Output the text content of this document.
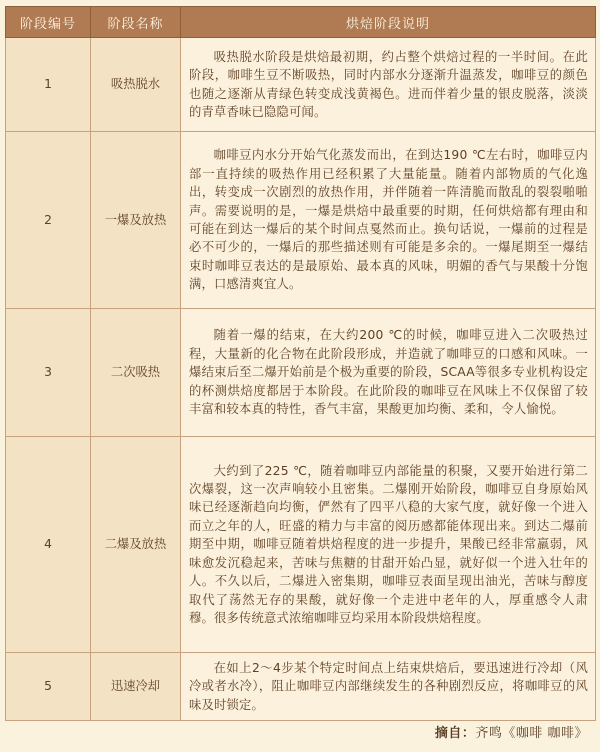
阶段编号	阶段名称	烘焙阶段说明
1	吸热脱水	吸热脱水阶段是烘焙最初期，约占整个烘焙过程的一半时间。在此阶段，咖啡生豆不断吸热，同时内部水分逐渐升温蒸发，咖啡豆的颜色也随之逐渐从青绿色转变成浅黄褐色。进而伴着少量的银皮脱落，淡淡的青草香味已隐隐可闻。
2	一爆及放热	咖啡豆内水分开始气化蒸发而出，在到达190 ℃左右时，咖啡豆内部一直持续的吸热作用已经积累了大量能量。随着内部物质的气化逸出，转变成一次剧烈的放热作用，并伴随着一阵清脆而散乱的裂裂啪啪声。需要说明的是，一爆是烘焙中最重要的时期，任何烘焙都有理由和可能在到达一爆后的某个时间点戛然而止。换句话说，一爆前的过程是必不可少的，一爆后的那些描述则有可能是多余的。一爆尾期至一爆结束时咖啡豆表达的是最原始、最本真的风味，明媚的香气与果酸十分饱满，口感清爽宜人。
3	二次吸热	随着一爆的结束，在大约200 ℃的时候，咖啡豆进入二次吸热过程，大量新的化合物在此阶段形成，并造就了咖啡豆的口感和风味。一爆结束后至二爆开始前是个极为重要的阶段，SCAA等很多专业机构设定的杯测烘焙度都居于本阶段。在此阶段的咖啡豆在风味上不仅保留了较丰富和较本真的特性，香气丰富，果酸更加均衡、柔和，令人愉悦。
4	二爆及放热	大约到了225 ℃，随着咖啡豆内部能量的积聚，又要开始进行第二次爆裂，这一次声响较小且密集。二爆刚开始阶段，咖啡豆自身原始风味已经逐渐趋向均衡，俨然有了四平八稳的大家气度，就好像一个进入而立之年的人，旺盛的精力与丰富的阅历感都能体现出来。到达二爆前期至中期，咖啡豆随着烘焙程度的进一步提升，果酸已经非常羸弱，风味愈发沉稳起来，苦味与焦糖的甘甜开始凸显，就好似一个进入壮年的人。不久以后，二爆进入密集期，咖啡豆表面呈现出油光，苦味与醇度取代了荡然无存的果酸，就好像一个走进中老年的人，厚重感令人肃穆。很多传统意式浓缩咖啡豆均采用本阶段烘焙程度。
5	迅速冷却	在如上2～4步某个特定时间点上结束烘焙后，要迅速进行冷却（风冷或者水冷），阻止咖啡豆内部继续发生的各种剧烈反应，将咖啡豆的风味及时锁定。
摘自：齐鸣《咖啡 咖啡》
